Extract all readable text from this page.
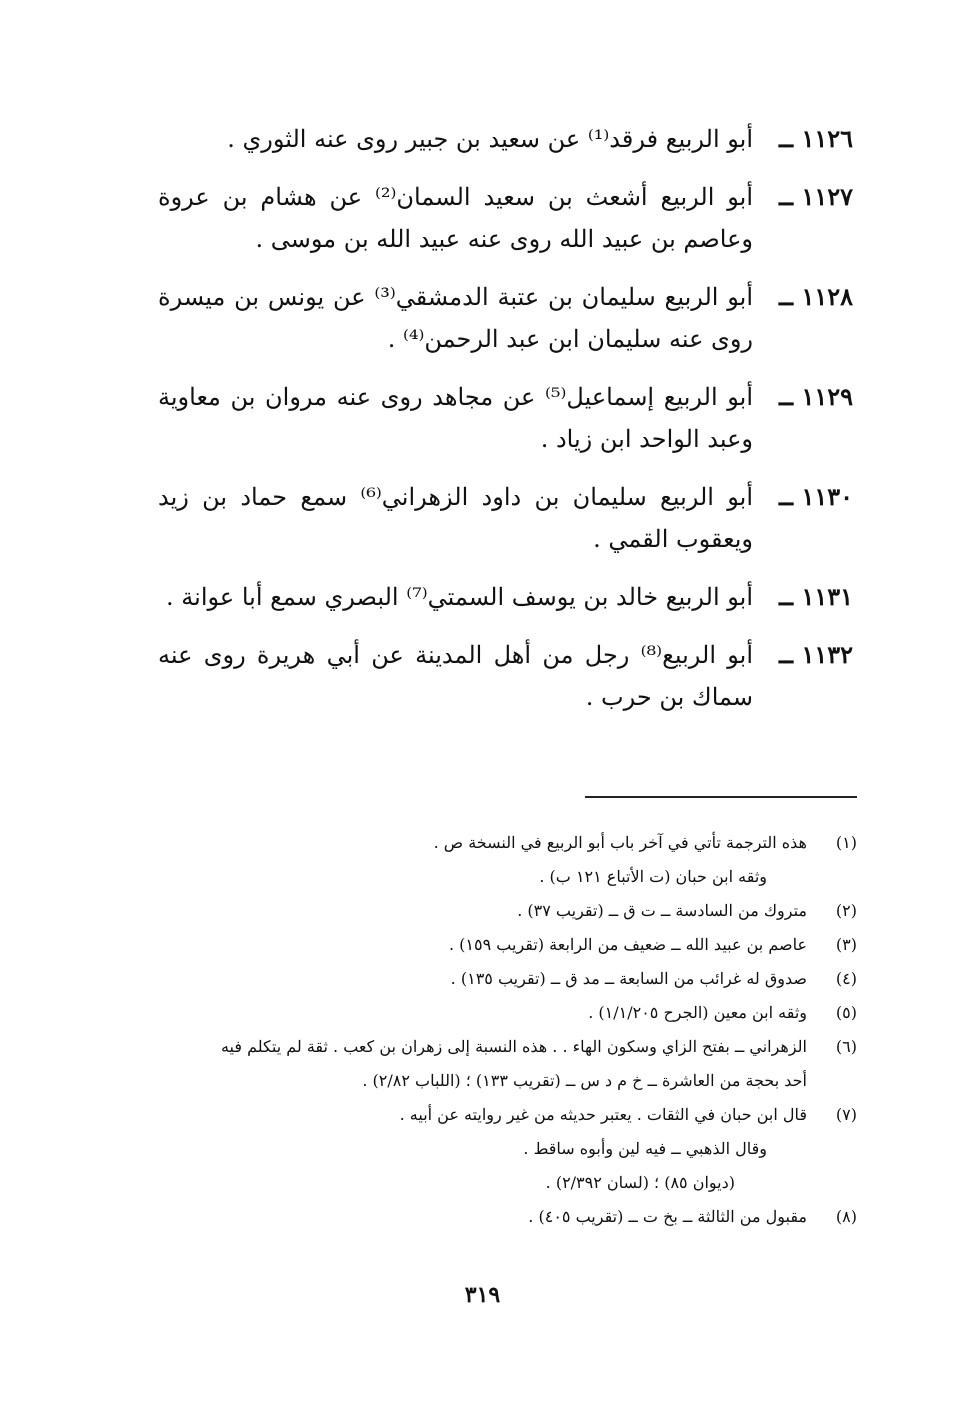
١١٢٦ ــ
أبو الربيع فرقد⁽¹⁾ عن سعيد بن جبير روى عنه الثوري .
١١٢٧ ــ
أبو الربيع أشعث بن سعيد السمان⁽²⁾ عن هشام بن عروة وعاصم بن عبيد الله روى عنه عبيد الله بن موسى .
١١٢٨ ــ
أبو الربيع سليمان بن عتبة الدمشقي⁽³⁾ عن يونس بن ميسرة روى عنه سليمان ابن عبد الرحمن⁽⁴⁾ .
١١٢٩ ــ
أبو الربيع إسماعيل⁽⁵⁾ عن مجاهد روى عنه مروان بن معاوية وعبد الواحد ابن زياد .
١١٣٠ ــ
أبو الربيع سليمان بن داود الزهراني⁽⁶⁾ سمع حماد بن زيد ويعقوب القمي .
١١٣١ ــ
أبو الربيع خالد بن يوسف السمتي⁽⁷⁾ البصري سمع أبا عوانة .
١١٣٢ ــ
أبو الربيع⁽⁸⁾ رجل من أهل المدينة عن أبي هريرة روى عنه سماك بن حرب .
(١)
هذه الترجمة تأتي في آخر باب أبو الربيع في النسخة ص .
وثقه ابن حبان (ت الأتباع ١٢١ ب) .
(٢)
متروك من السادسة ــ ت ق ــ (تقريب ٣٧) .
(٣)
عاصم بن عبيد الله ــ ضعيف من الرابعة (تقريب ١٥٩) .
(٤)
صدوق له غرائب من السابعة ــ مد ق ــ (تقريب ١٣٥) .
(٥)
وثقه ابن معين (الجرح ١/١/٢٠٥) .
(٦)
الزهراني ــ بفتح الزاي وسكون الهاء . . هذه النسبة إلى زهران بن كعب . ثقة لم يتكلم فيه
أحد بحجة من العاشرة ــ خ م د س ــ (تقريب ١٣٣) ؛ (اللباب ٢/٨٢) .
(٧)
قال ابن حبان في الثقات . يعتبر حديثه من غير روايته عن أبيه .
وقال الذهبي ــ فيه لين وأبوه ساقط .
(ديوان ٨٥) ؛ (لسان ٢/٣٩٢) .
(٨)
مقبول من الثالثة ــ بخ ت ــ (تقريب ٤٠٥) .
٣١٩
